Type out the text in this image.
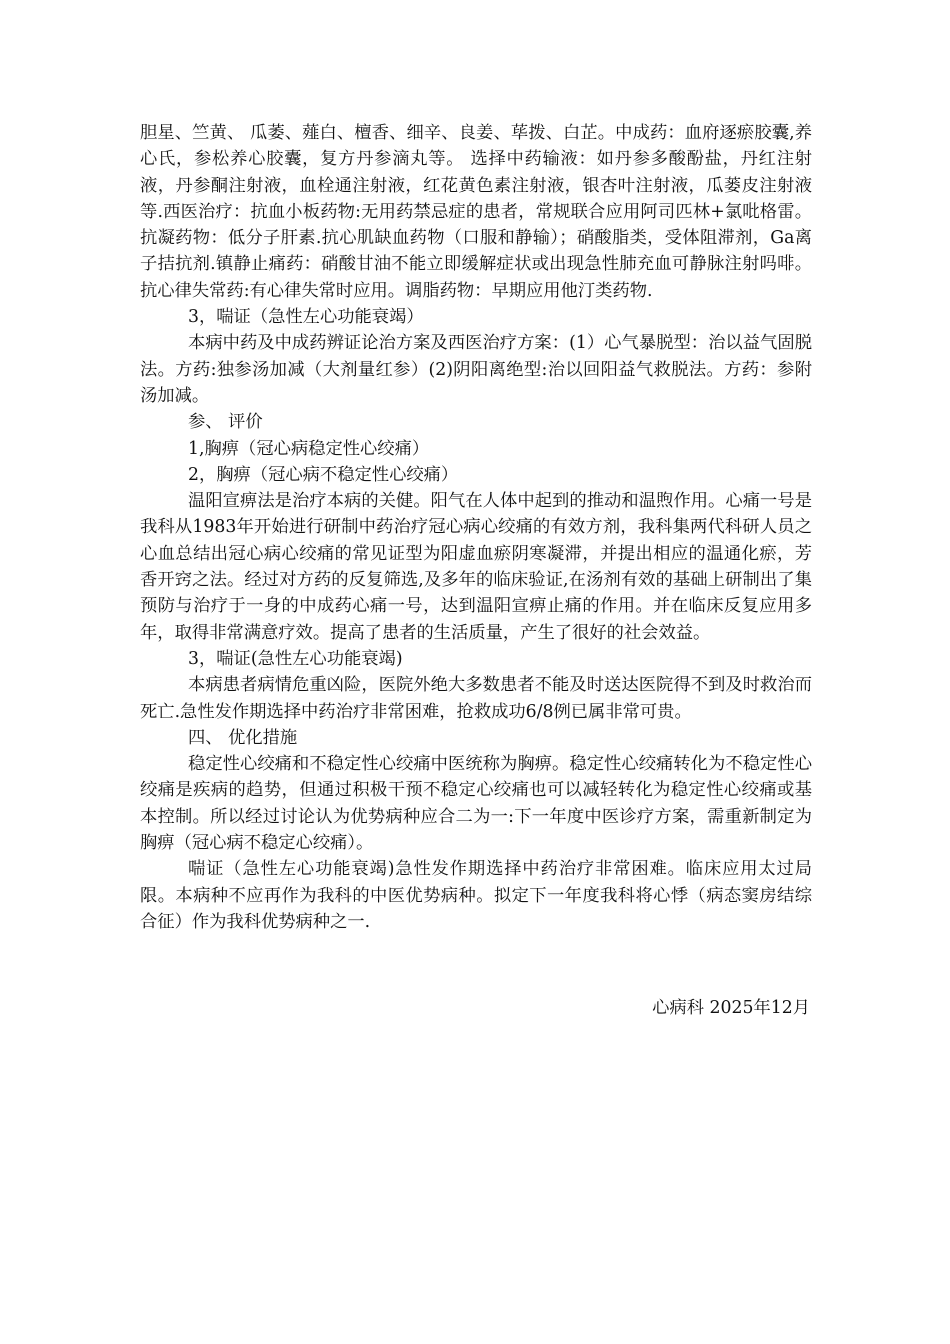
胆星、竺黄、 瓜萎、薤白、檀香、细辛、良姜、荜拨、白芷。中成药：血府逐瘀胶囊,养心氏，参松养心胶囊，复方丹参滴丸等。 选择中药输液：如丹参多酸酚盐，丹红注射液，丹参酮注射液，血栓通注射液，红花黄色素注射液，银杏叶注射液，瓜蒌皮注射液等.西医治疗：抗血小板药物:无用药禁忌症的患者，常规联合应用阿司匹林+氯吡格雷。抗凝药物：低分子肝素.抗心肌缺血药物（口服和静输）；硝酸脂类，受体阻滞剂，Ga离子拮抗剂.镇静止痛药：硝酸甘油不能立即缓解症状或出现急性肺充血可静脉注射吗啡。抗心律失常药:有心律失常时应用。调脂药物：早期应用他汀类药物.

3，喘证（急性左心功能衰竭）

本病中药及中成药辨证论治方案及西医治疗方案：(1）心气暴脱型：治以益气固脱法。方药:独参汤加减（大剂量红参）(2)阴阳离绝型:治以回阳益气救脱法。方药：参附汤加减。

参、 评价

1,胸痹（冠心病稳定性心绞痛）

2，胸痹（冠心病不稳定性心绞痛）

温阳宣痹法是治疗本病的关健。阳气在人体中起到的推动和温煦作用。心痛一号是我科从1983年开始进行研制中药治疗冠心病心绞痛的有效方剂，我科集两代科研人员之心血总结出冠心病心绞痛的常见证型为阳虚血瘀阴寒凝滞，并提出相应的温通化瘀，芳香开窍之法。经过对方药的反复筛选,及多年的临床验证,在汤剂有效的基础上研制出了集预防与治疗于一身的中成药心痛一号，达到温阳宣痹止痛的作用。并在临床反复应用多年，取得非常满意疗效。提高了患者的生活质量，产生了很好的社会效益。

3，喘证(急性左心功能衰竭)

本病患者病情危重凶险，医院外绝大多数患者不能及时送达医院得不到及时救治而死亡.急性发作期选择中药治疗非常困难，抢救成功6/8例已属非常可贵。

四、 优化措施

稳定性心绞痛和不稳定性心绞痛中医统称为胸痹。稳定性心绞痛转化为不稳定性心绞痛是疾病的趋势，但通过积极干预不稳定心绞痛也可以减轻转化为稳定性心绞痛或基本控制。所以经过讨论认为优势病种应合二为一:下一年度中医诊疗方案，需重新制定为胸痹（冠心病不稳定心绞痛）。

喘证（急性左心功能衰竭)急性发作期选择中药治疗非常困难。临床应用太过局限。本病种不应再作为我科的中医优势病种。拟定下一年度我科将心悸（病态窦房结综合征）作为我科优势病种之一.

心病科 2025年12月
